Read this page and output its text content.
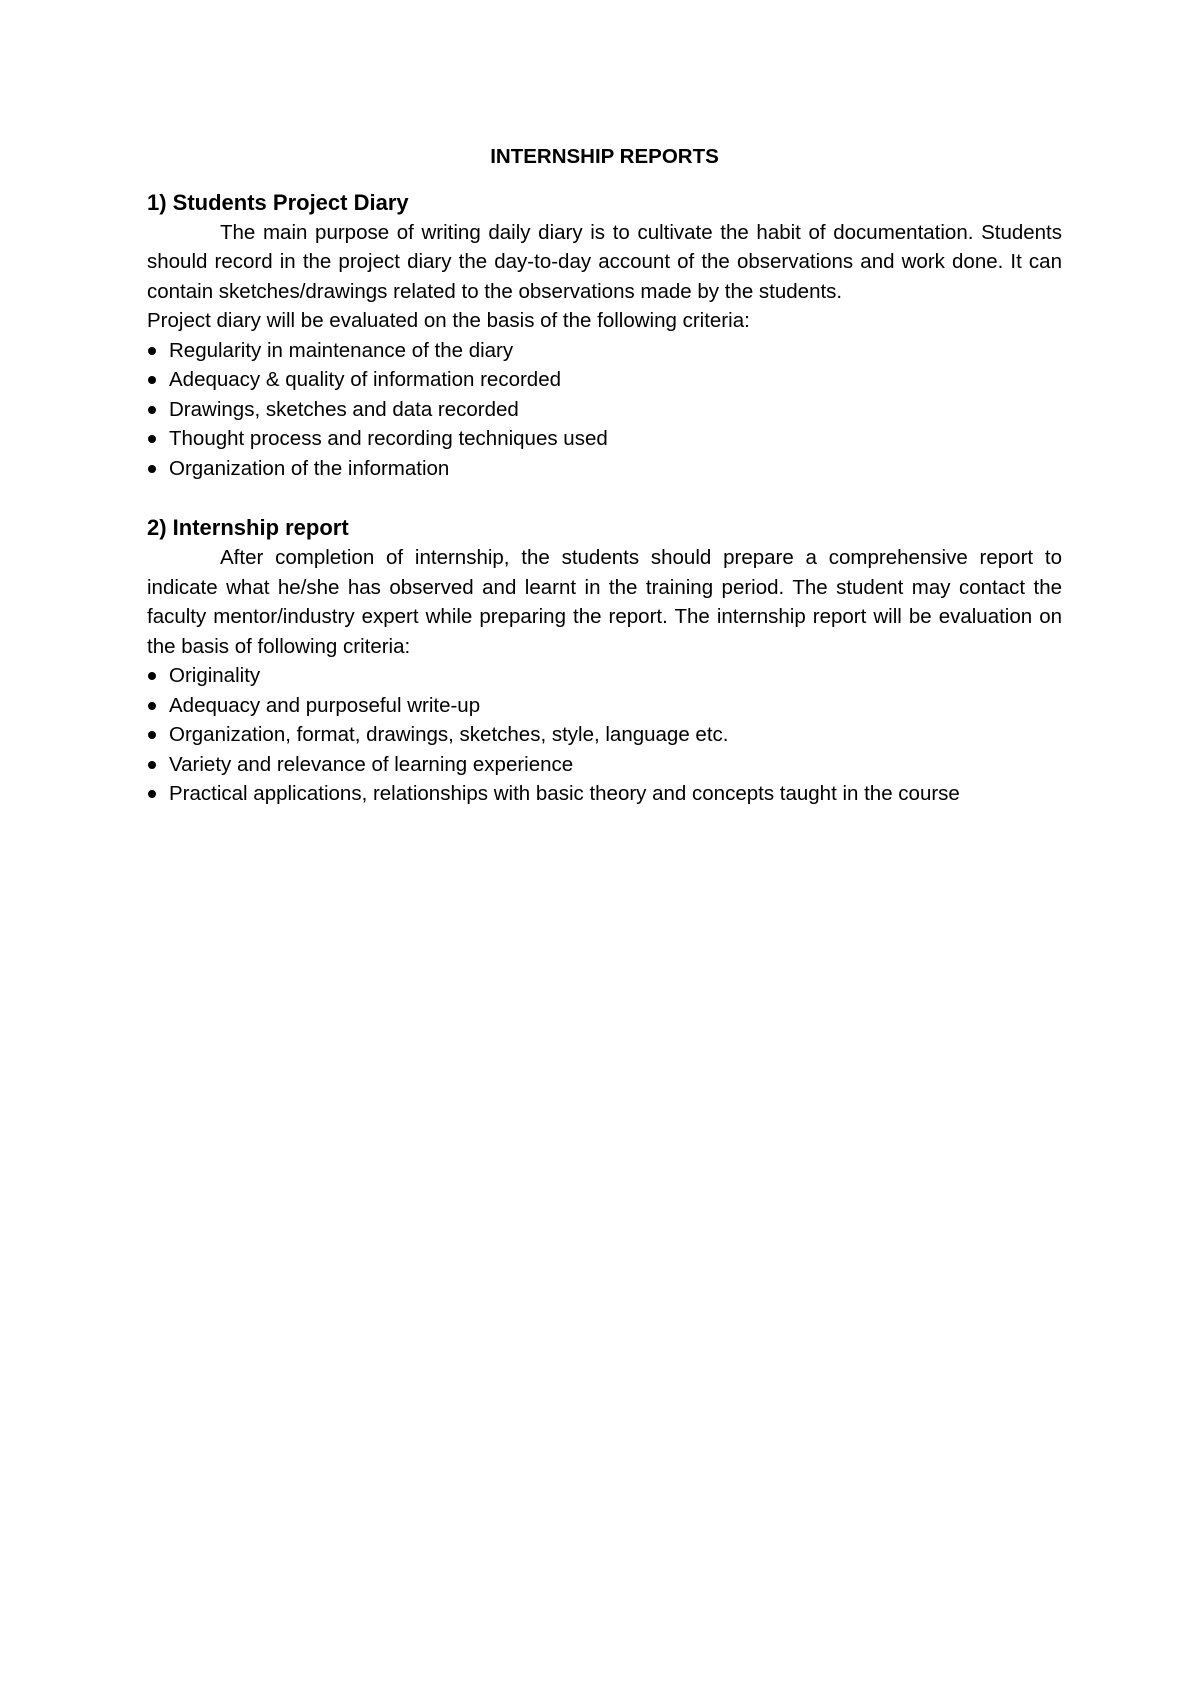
INTERNSHIP REPORTS
1) Students Project Diary

The main purpose of writing daily diary is to cultivate the habit of documentation. Students should record in the project diary the day-to-day account of the observations and work done. It can contain sketches/drawings related to the observations made by the students.

Project diary will be evaluated on the basis of the following criteria:

Regularity in maintenance of the diary
Adequacy & quality of information recorded
Drawings, sketches and data recorded
Thought process and recording techniques used
Organization of the information
2) Internship report

After completion of internship, the students should prepare a comprehensive report to indicate what he/she has observed and learnt in the training period. The student may contact the faculty mentor/industry expert while preparing the report. The internship report will be evaluation on the basis of following criteria:

Originality
Adequacy and purposeful write-up
Organization, format, drawings, sketches, style, language etc.
Variety and relevance of learning experience
Practical applications, relationships with basic theory and concepts taught in the course
